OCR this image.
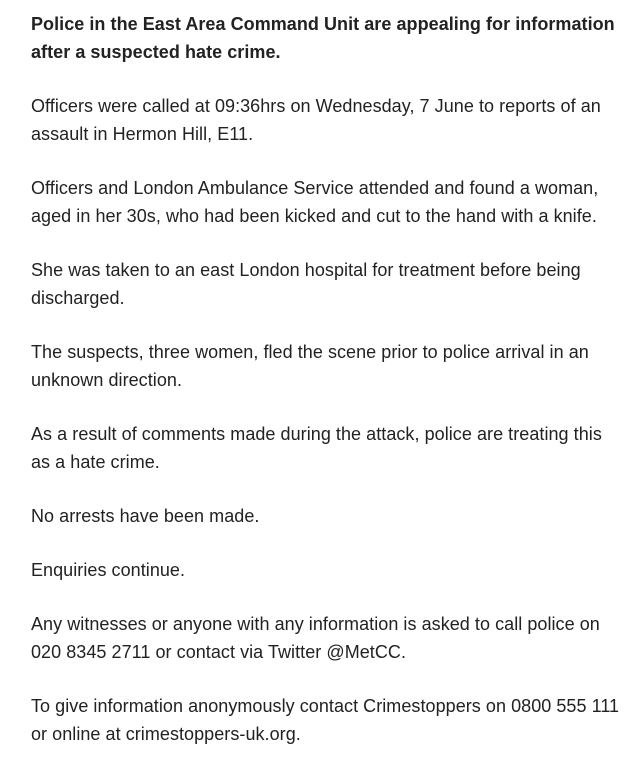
Police in the East Area Command Unit are appealing for information after a suspected hate crime.

Officers were called at 09:36hrs on Wednesday, 7 June to reports of an assault in Hermon Hill, E11.

Officers and London Ambulance Service attended and found a woman, aged in her 30s, who had been kicked and cut to the hand with a knife.

She was taken to an east London hospital for treatment before being discharged.

The suspects, three women, fled the scene prior to police arrival in an unknown direction.

As a result of comments made during the attack, police are treating this as a hate crime.

No arrests have been made.

Enquiries continue.

Any witnesses or anyone with any information is asked to call police on 020 8345 2711 or contact via Twitter @MetCC.

To give information anonymously contact Crimestoppers on 0800 555 111 or online at crimestoppers-uk.org.
